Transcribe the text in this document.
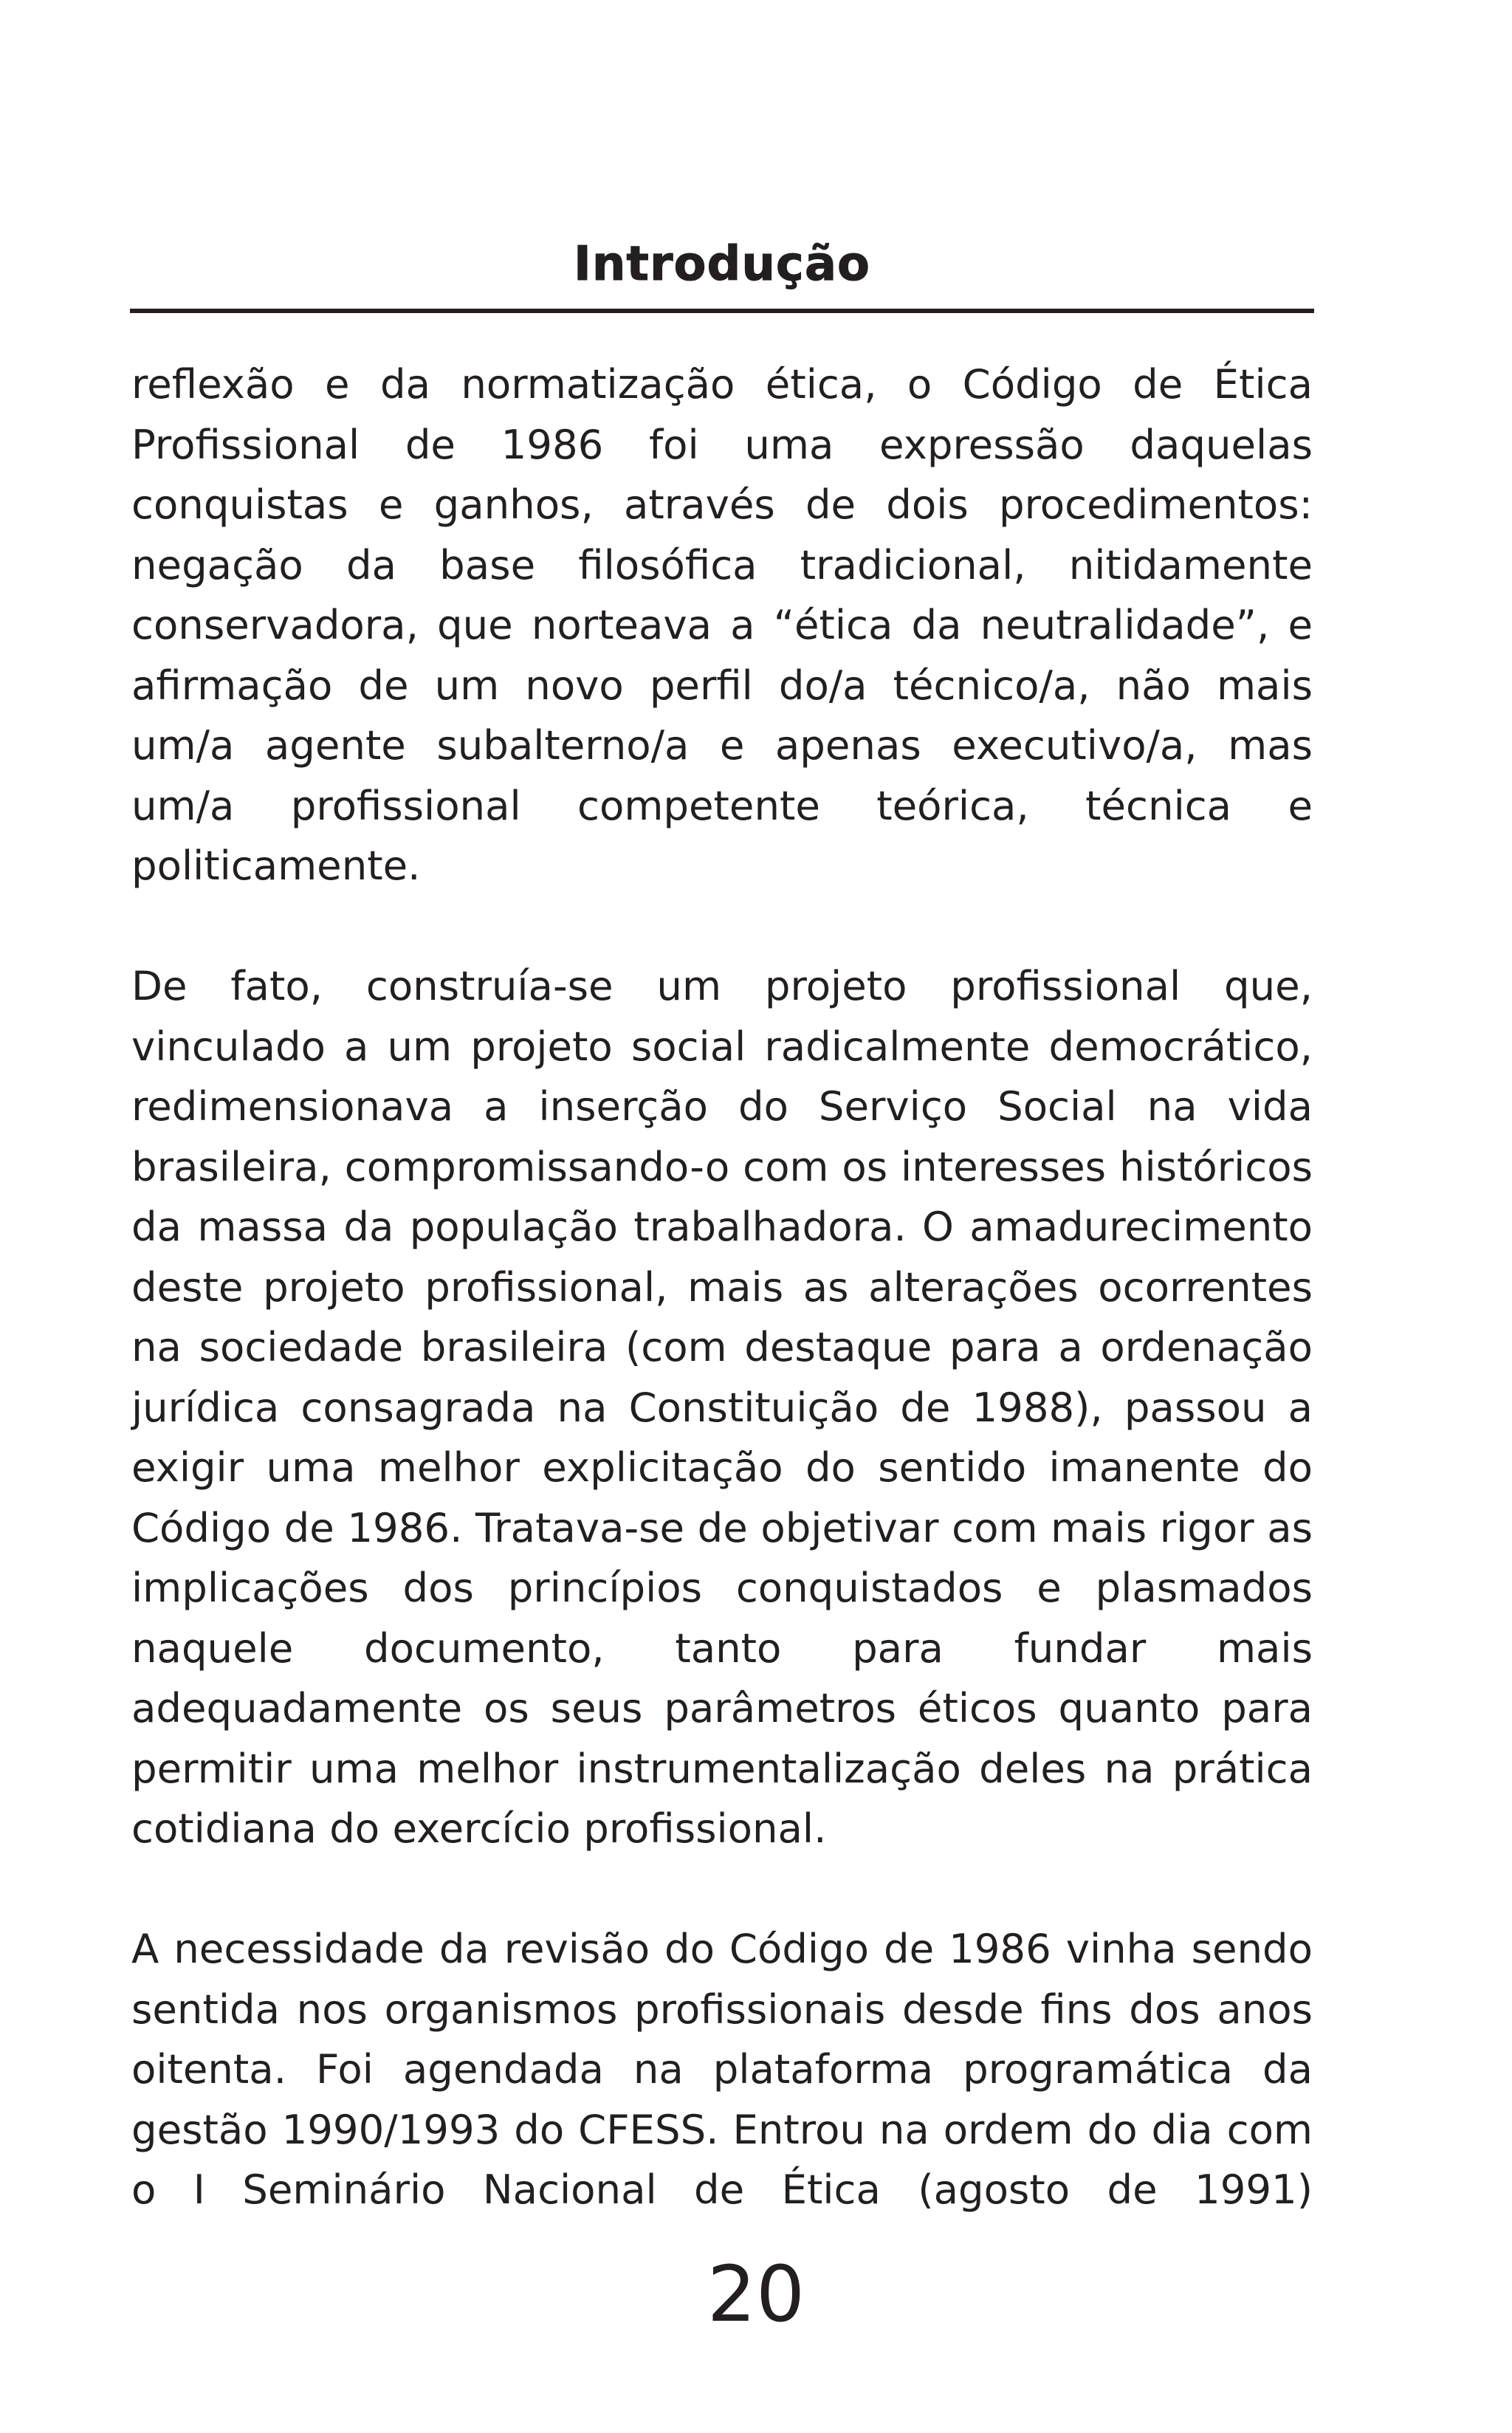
Introdução

reflexão e da normatização ética, o Código de Ética Profissional de 1986 foi uma expressão daquelas conquistas e ganhos, através de dois procedimentos: negação da base filosófica tradicional, nitidamente conservadora, que norteava a “ética da neutralidade”, e afirmação de um novo perfil do/a técnico/a, não mais um/a agente subalterno/a e apenas executivo/a, mas um/a profissional competente teórica, técnica e politicamente.

De fato, construía-se um projeto profissional que, vinculado a um projeto social radicalmente democrático, redimensionava a inserção do Serviço Social na vida brasileira, compromissando-o com os interesses históricos da massa da população trabalhadora. O amadurecimento deste projeto profissional, mais as alterações ocorrentes na sociedade brasileira (com destaque para a ordenação jurídica consagrada na Constituição de 1988), passou a exigir uma melhor explicitação do sentido imanente do Código de 1986. Tratava-se de objetivar com mais rigor as implicações dos princípios conquistados e plasmados naquele documento, tanto para fundar mais adequadamente os seus parâmetros éticos quanto para permitir uma melhor instrumentalização deles na prática cotidiana do exercício profissional.

A necessidade da revisão do Código de 1986 vinha sendo sentida nos organismos profissionais desde fins dos anos oitenta. Foi agendada na plataforma programática da gestão 1990/1993 do CFESS. Entrou na ordem do dia com o I Seminário Nacional de Ética (agosto de 1991)

20
